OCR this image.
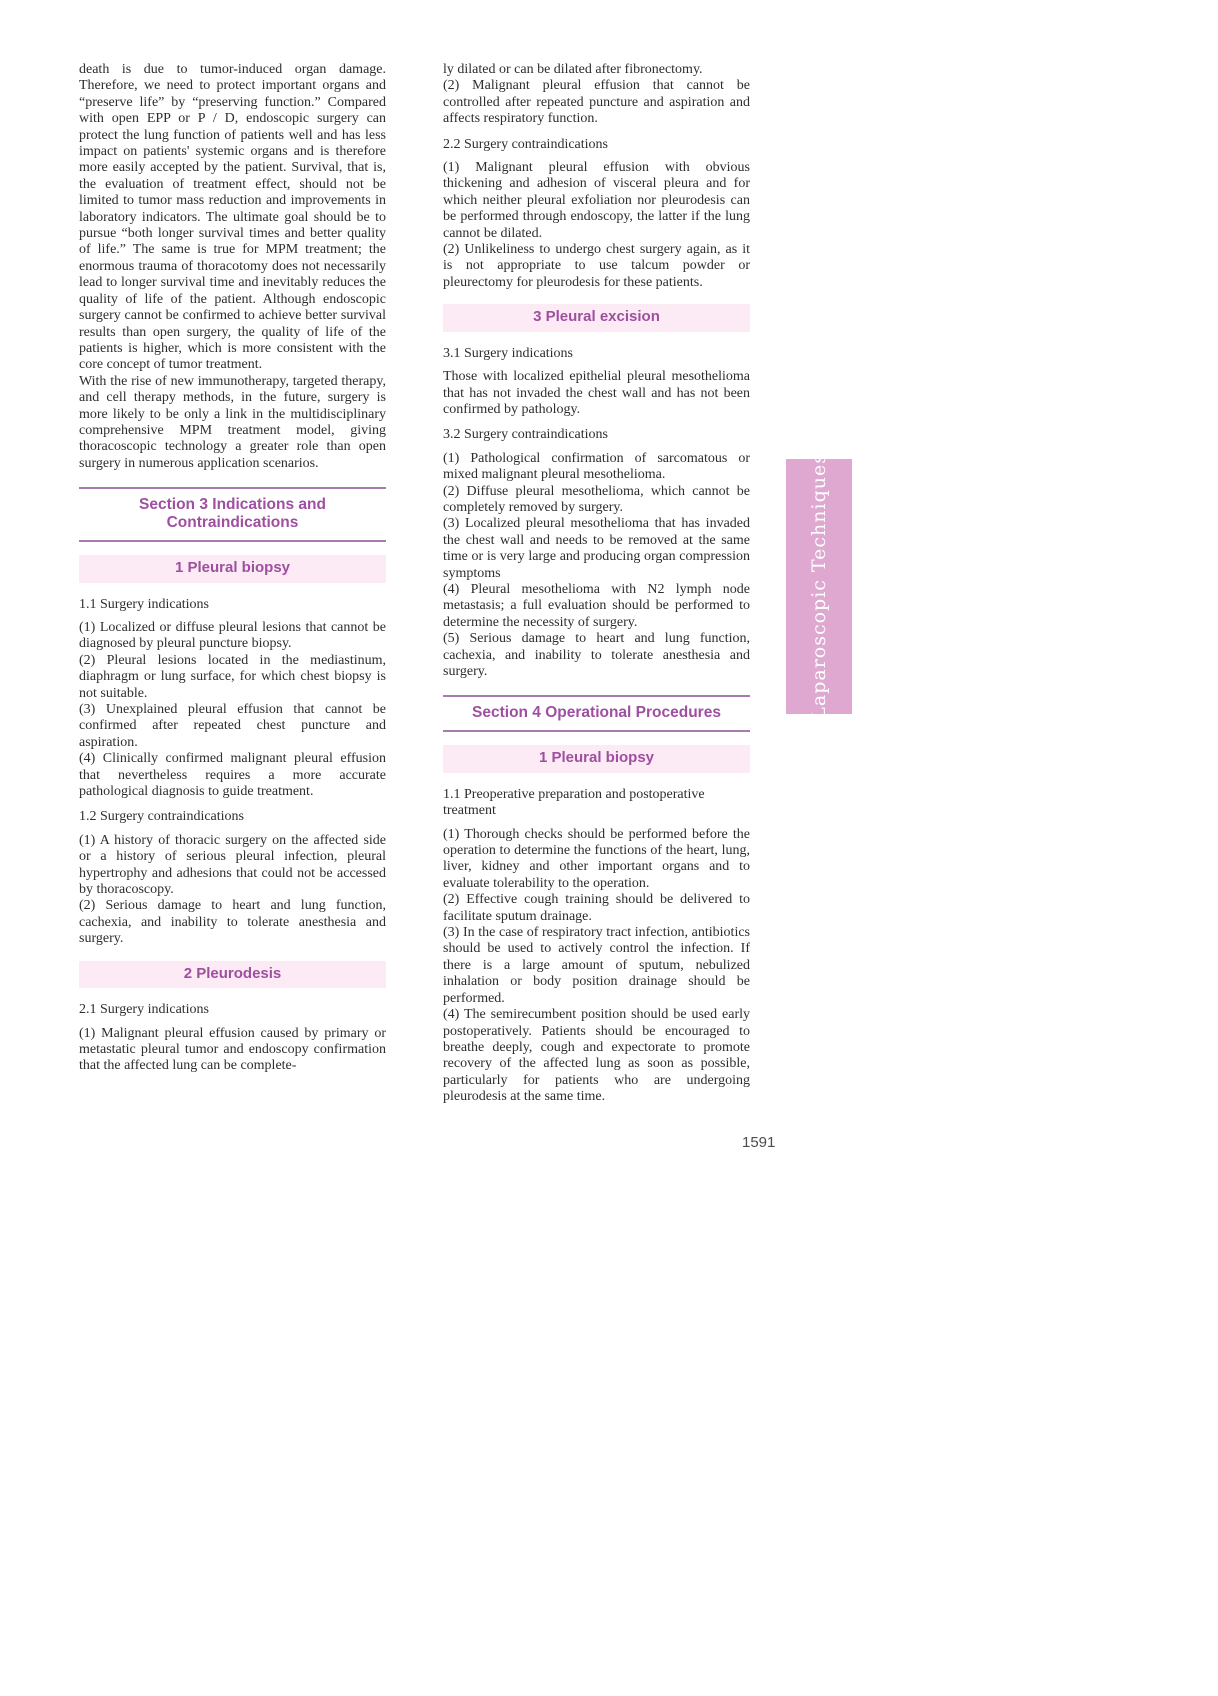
death is due to tumor-induced organ damage. Therefore, we need to protect important organs and “preserve life” by “preserving function.” Compared with open EPP or P / D, endoscopic surgery can protect the lung function of patients well and has less impact on patients' systemic organs and is therefore more easily accepted by the patient. Survival, that is, the evaluation of treatment effect, should not be limited to tumor mass reduction and improvements in laboratory indicators. The ultimate goal should be to pursue “both longer survival times and better quality of life.” The same is true for MPM treatment; the enormous trauma of thoracotomy does not necessarily lead to longer survival time and inevitably reduces the quality of life of the patient. Although endoscopic surgery cannot be confirmed to achieve better survival results than open surgery, the quality of life of the patients is higher, which is more consistent with the core concept of tumor treatment.
With the rise of new immunotherapy, targeted therapy, and cell therapy methods, in the future, surgery is more likely to be only a link in the multidisciplinary comprehensive MPM treatment model, giving thoracoscopic technology a greater role than open surgery in numerous application scenarios.
Section 3 Indications and
Contraindications
1 Pleural biopsy
1.1 Surgery indications
(1) Localized or diffuse pleural lesions that cannot be diagnosed by pleural puncture biopsy.
(2) Pleural lesions located in the mediastinum, diaphragm or lung surface, for which chest biopsy is not suitable.
(3) Unexplained pleural effusion that cannot be confirmed after repeated chest puncture and aspiration.
(4) Clinically confirmed malignant pleural effusion that nevertheless requires a more accurate pathological diagnosis to guide treatment.
1.2 Surgery contraindications
(1) A history of thoracic surgery on the affected side or a history of serious pleural infection, pleural hypertrophy and adhesions that could not be accessed by thoracoscopy.
(2) Serious damage to heart and lung function, cachexia, and inability to tolerate anesthesia and surgery.
2 Pleurodesis
2.1 Surgery indications
(1) Malignant pleural effusion caused by primary or metastatic pleural tumor and endoscopy confirmation that the affected lung can be complete-
ly dilated or can be dilated after fibronectomy.
(2) Malignant pleural effusion that cannot be controlled after repeated puncture and aspiration and affects respiratory function.
2.2 Surgery contraindications
(1) Malignant pleural effusion with obvious thickening and adhesion of visceral pleura and for which neither pleural exfoliation nor pleurodesis can be performed through endoscopy, the latter if the lung cannot be dilated.
(2) Unlikeliness to undergo chest surgery again, as it is not appropriate to use talcum powder or pleurectomy for pleurodesis for these patients.
3 Pleural excision
3.1 Surgery indications
Those with localized epithelial pleural mesothelioma that has not invaded the chest wall and has not been confirmed by pathology.
3.2 Surgery contraindications
(1) Pathological confirmation of sarcomatous or mixed malignant pleural mesothelioma.
(2) Diffuse pleural mesothelioma, which cannot be completely removed by surgery.
(3) Localized pleural mesothelioma that has invaded the chest wall and needs to be removed at the same time or is very large and producing organ compression symptoms
(4) Pleural mesothelioma with N2 lymph node metastasis; a full evaluation should be performed to determine the necessity of surgery.
(5) Serious damage to heart and lung function, cachexia, and inability to tolerate anesthesia and surgery.
Section 4 Operational Procedures
1 Pleural biopsy
1.1 Preoperative preparation and postoperative treatment
(1) Thorough checks should be performed before the operation to determine the functions of the heart, lung, liver, kidney and other important organs and to evaluate tolerability to the operation.
(2) Effective cough training should be delivered to facilitate sputum drainage.
(3) In the case of respiratory tract infection, antibiotics should be used to actively control the infection. If there is a large amount of sputum, nebulized inhalation or body position drainage should be performed.
(4) The semirecumbent position should be used early postoperatively. Patients should be encouraged to breathe deeply, cough and expectorate to promote recovery of the affected lung as soon as possible, particularly for patients who are undergoing pleurodesis at the same time.
Laparoscopic Techniques
1591
